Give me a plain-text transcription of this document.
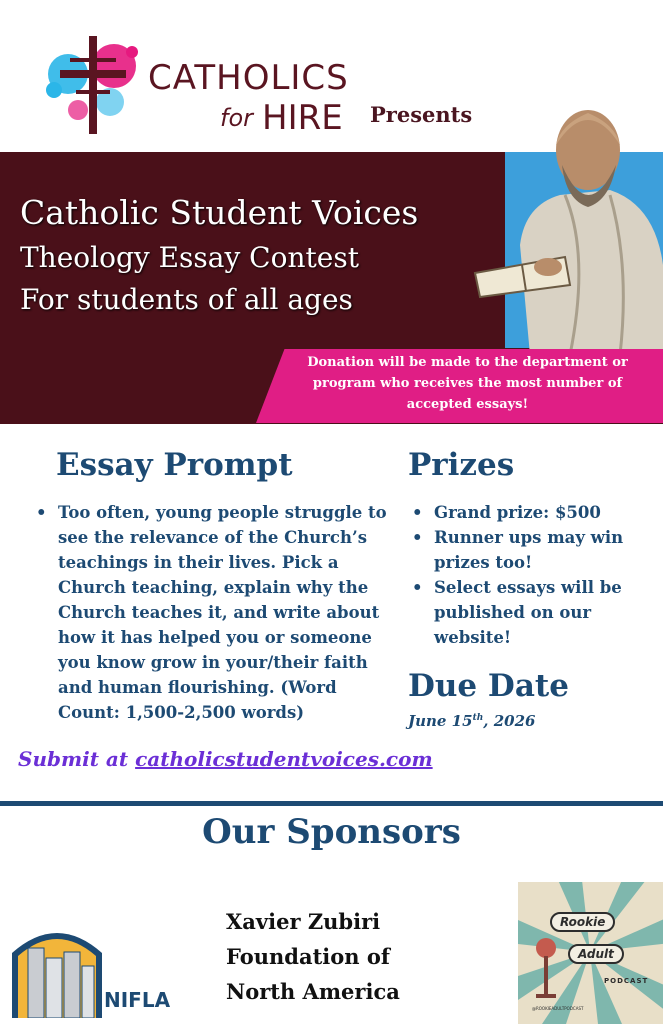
CATHOLICS
for HIRE Presents
Catholic Student Voices
Theology Essay Contest
For students of all ages
Donation will be made to the department or program who receives the most number of accepted essays!
Essay Prompt
• Too often, young people struggle to see the relevance of the Church’s teachings in their lives. Pick a Church teaching, explain why the Church teaches it, and write about how it has helped you or someone you know grow in your/their faith and human flourishing. (Word Count: 1,500-2,500 words)
Prizes
• Grand prize: $500
• Runner ups may win prizes too!
• Select essays will be published on our website!
Due Date
June 15th, 2026
Submit at catholicstudentvoices.com
Our Sponsors
NIFLA
Xavier Zubiri
Foundation of
North America
Rookie
Adult
PODCAST
@ROOKIEADULTPODCAST
